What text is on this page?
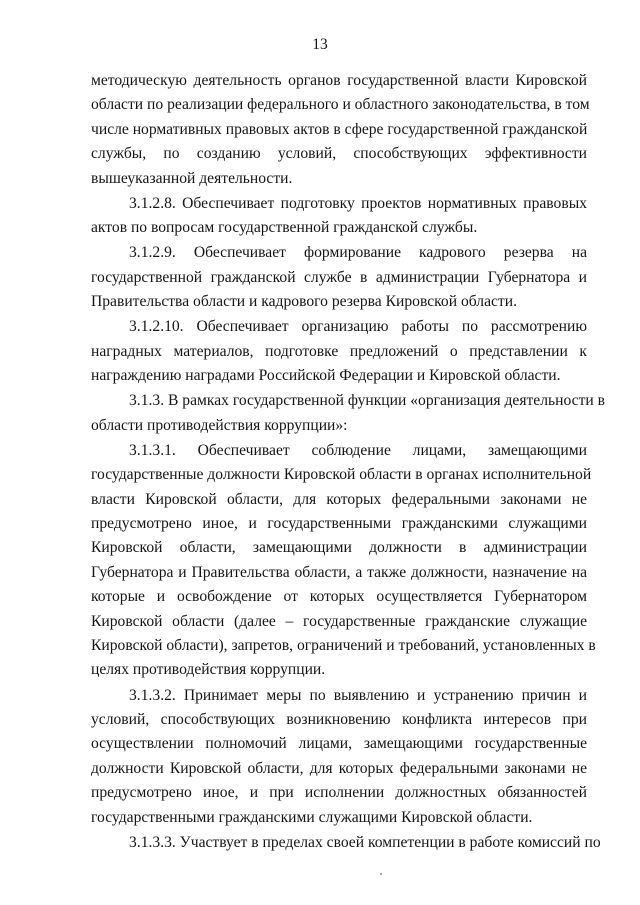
13
методическую деятельность органов государственной власти Кировской
области по реализации федерального и областного законодательства, в том
числе нормативных правовых актов в сфере государственной гражданской
службы, по созданию условий, способствующих эффективности
вышеуказанной деятельности.
3.1.2.8. Обеспечивает подготовку проектов нормативных правовых
актов по вопросам государственной гражданской службы.
3.1.2.9. Обеспечивает формирование кадрового резерва на
государственной гражданской службе в администрации Губернатора и
Правительства области и кадрового резерва Кировской области.
3.1.2.10. Обеспечивает организацию работы по рассмотрению
наградных материалов, подготовке предложений о представлении к
награждению наградами Российской Федерации и Кировской области.
3.1.3. В рамках государственной функции «организация деятельности в
области противодействия коррупции»:
3.1.3.1. Обеспечивает соблюдение лицами, замещающими
государственные должности Кировской области в органах исполнительной
власти Кировской области, для которых федеральными законами не
предусмотрено иное, и государственными гражданскими служащими
Кировской области, замещающими должности в администрации
Губернатора и Правительства области, а также должности, назначение на
которые и освобождение от которых осуществляется Губернатором
Кировской области (далее – государственные гражданские служащие
Кировской области), запретов, ограничений и требований, установленных в
целях противодействия коррупции.
3.1.3.2. Принимает меры по выявлению и устранению причин и
условий, способствующих возникновению конфликта интересов при
осуществлении полномочий лицами, замещающими государственные
должности Кировской области, для которых федеральными законами не
предусмотрено иное, и при исполнении должностных обязанностей
государственными гражданскими служащими Кировской области.
3.1.3.3. Участвует в пределах своей компетенции в работе комиссий по
